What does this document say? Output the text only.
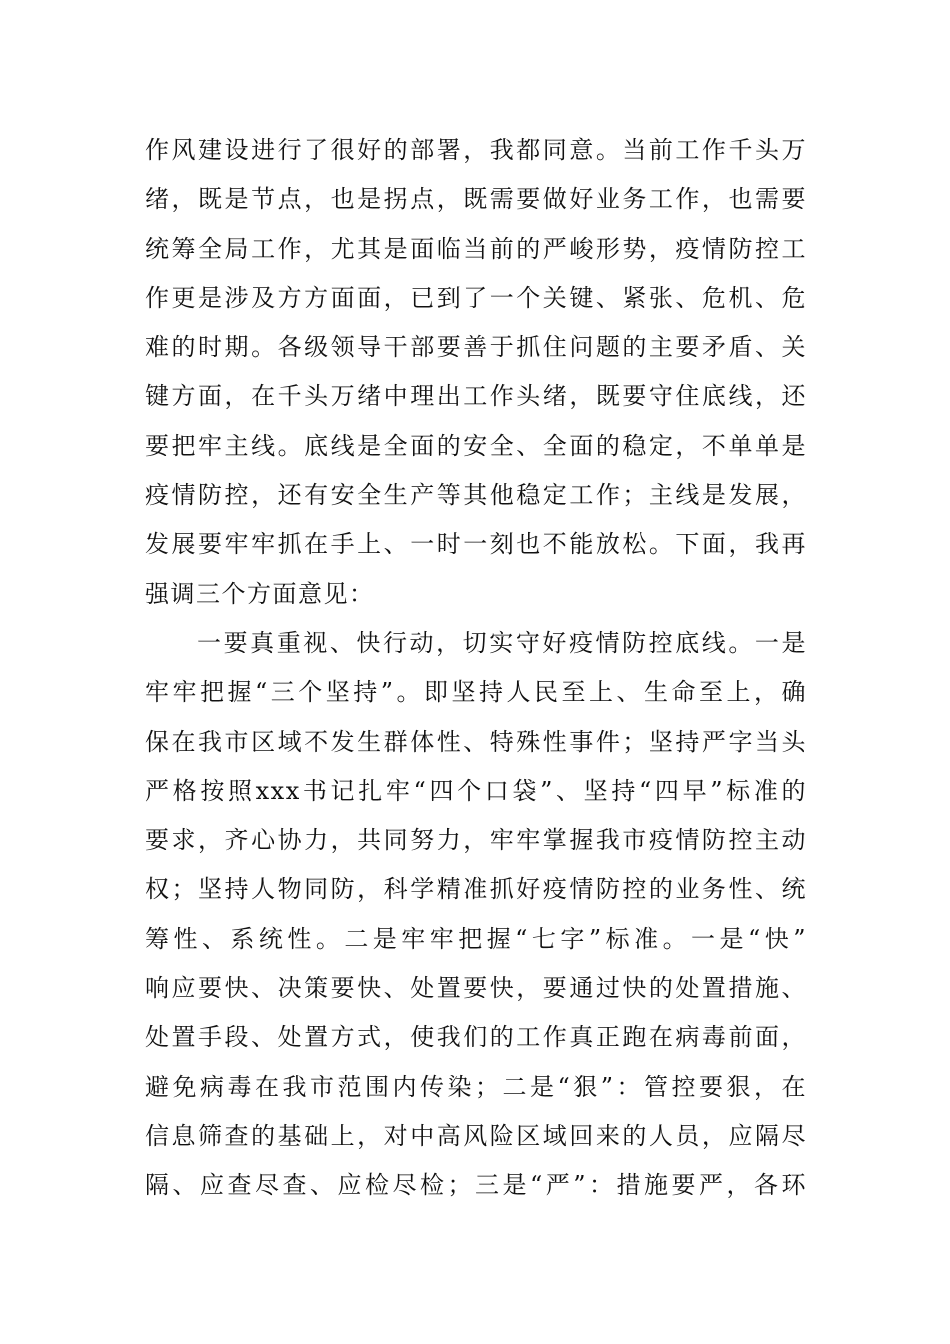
作风建设进行了很好的部署，我都同意。当前工作千头万
绪，既是节点，也是拐点，既需要做好业务工作，也需要
统筹全局工作，尤其是面临当前的严峻形势，疫情防控工
作更是涉及方方面面，已到了一个关键、紧张、危机、危
难的时期。各级领导干部要善于抓住问题的主要矛盾、关
键方面，在千头万绪中理出工作头绪，既要守住底线，还
要把牢主线。底线是全面的安全、全面的稳定，不单单是
疫情防控，还有安全生产等其他稳定工作；主线是发展，
发展要牢牢抓在手上、一时一刻也不能放松。下面，我再
强调三个方面意见：
一要真重视、快行动，切实守好疫情防控底线。一是
牢牢把握“三个坚持”。即坚持人民至上、生命至上，确
保在我市区域不发生群体性、特殊性事件；坚持严字当头
严格按照xxx书记扎牢“四个口袋”、坚持“四早”标准的
要求，齐心协力，共同努力，牢牢掌握我市疫情防控主动
权；坚持人物同防，科学精准抓好疫情防控的业务性、统
筹性、系统性。二是牢牢把握“七字”标准。一是“快”
响应要快、决策要快、处置要快，要通过快的处置措施、
处置手段、处置方式，使我们的工作真正跑在病毒前面，
避免病毒在我市范围内传染；二是“狠”：管控要狠，在
信息筛查的基础上，对中高风险区域回来的人员，应隔尽
隔、应查尽查、应检尽检；三是“严”：措施要严，各环
